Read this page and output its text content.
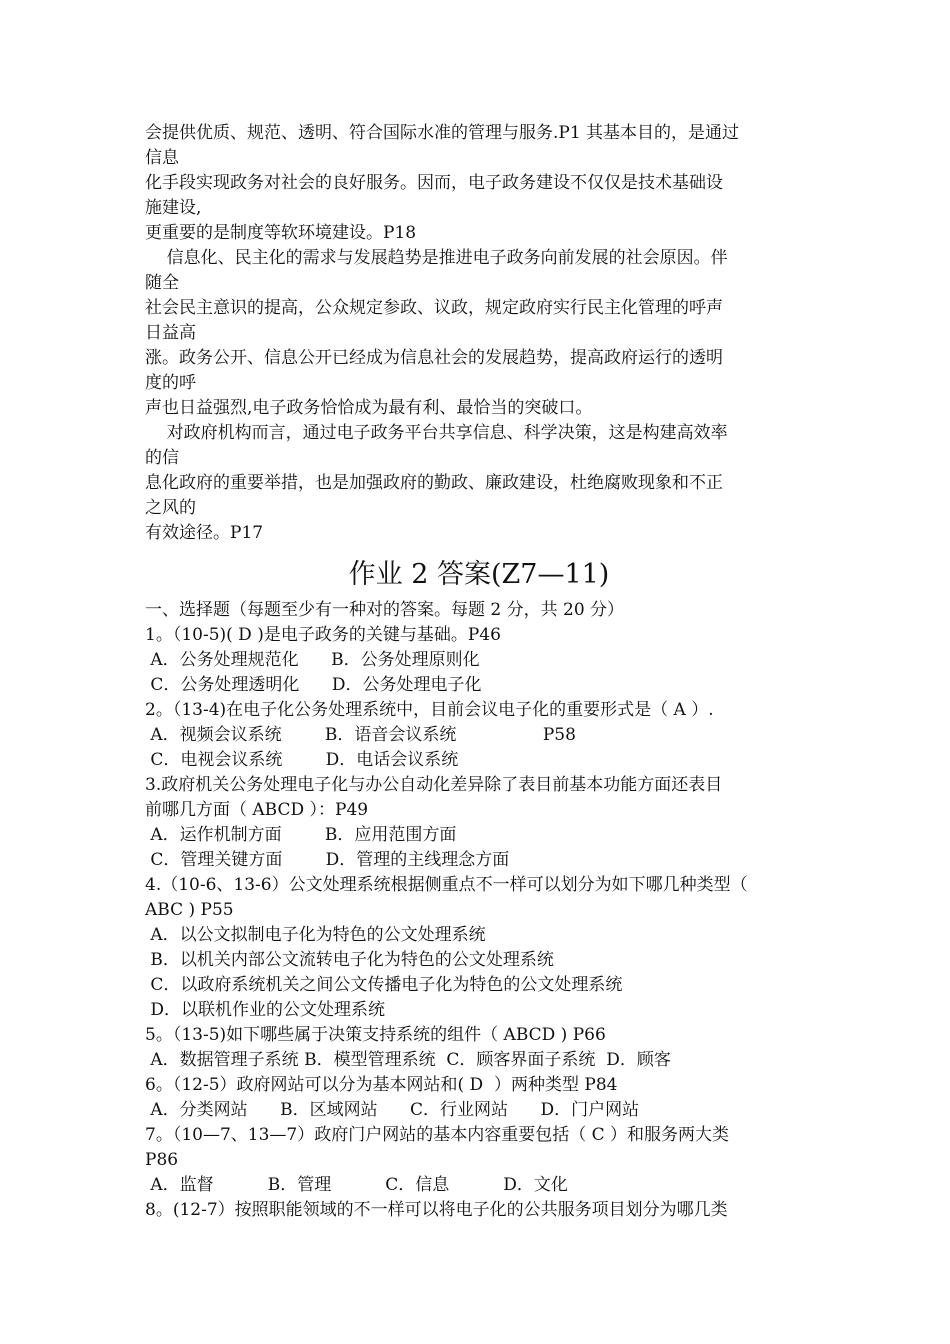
会提供优质、规范、透明、符合国际水准的管理与服务.P1 其基本目的，是通过
信息
化手段实现政务对社会的良好服务。因而，电子政务建设不仅仅是技术基础设
施建设,
更重要的是制度等软环境建设。P18
信息化、民主化的需求与发展趋势是推进电子政务向前发展的社会原因。伴
随全
社会民主意识的提高，公众规定参政、议政，规定政府实行民主化管理的呼声
日益高
涨。政务公开、信息公开已经成为信息社会的发展趋势，提高政府运行的透明
度的呼
声也日益强烈,电子政务恰恰成为最有利、最恰当的突破口。
对政府机构而言，通过电子政务平台共享信息、科学决策，这是构建高效率
的信
息化政府的重要举措，也是加强政府的勤政、廉政建设，杜绝腐败现象和不正
之风的
有效途径。P17
作业 2 答案(Z7—11)
一、选择题（每题至少有一种对的答案。每题 2 分，共 20 分）
1。（10-5)( D )是电子政务的关键与基础。P46
A．公务处理规范化      B．公务处理原则化
C．公务处理透明化      D．公务处理电子化
2。（13-4)在电子化公务处理系统中，目前会议电子化的重要形式是（ A ）.
A．视频会议系统        B．语音会议系统                P58
C．电视会议系统        D．电话会议系统
3.政府机关公务处理电子化与办公自动化差异除了表目前基本功能方面还表目
前哪几方面（ ABCD ）：P49
A．运作机制方面        B．应用范围方面
C．管理关键方面        D．管理的主线理念方面
4.（10-6、13-6）公文处理系统根据侧重点不一样可以划分为如下哪几种类型（
ABC ) P55
A．以公文拟制电子化为特色的公文处理系统
B．以机关内部公文流转电子化为特色的公文处理系统
C．以政府系统机关之间公文传播电子化为特色的公文处理系统
D．以联机作业的公文处理系统
5。（13-5)如下哪些属于决策支持系统的组件（ ABCD ) P66
A．数据管理子系统 B．模型管理系统  C．顾客界面子系统  D．顾客
6。（12-5）政府网站可以分为基本网站和( D  ）两种类型 P84
A．分类网站      B．区域网站      C．行业网站      D．门户网站
7。（10—7、13—7）政府门户网站的基本内容重要包括（ C ）和服务两大类
P86
A．监督          B．管理          C．信息          D．文化
8。(12-7）按照职能领域的不一样可以将电子化的公共服务项目划分为哪几类
